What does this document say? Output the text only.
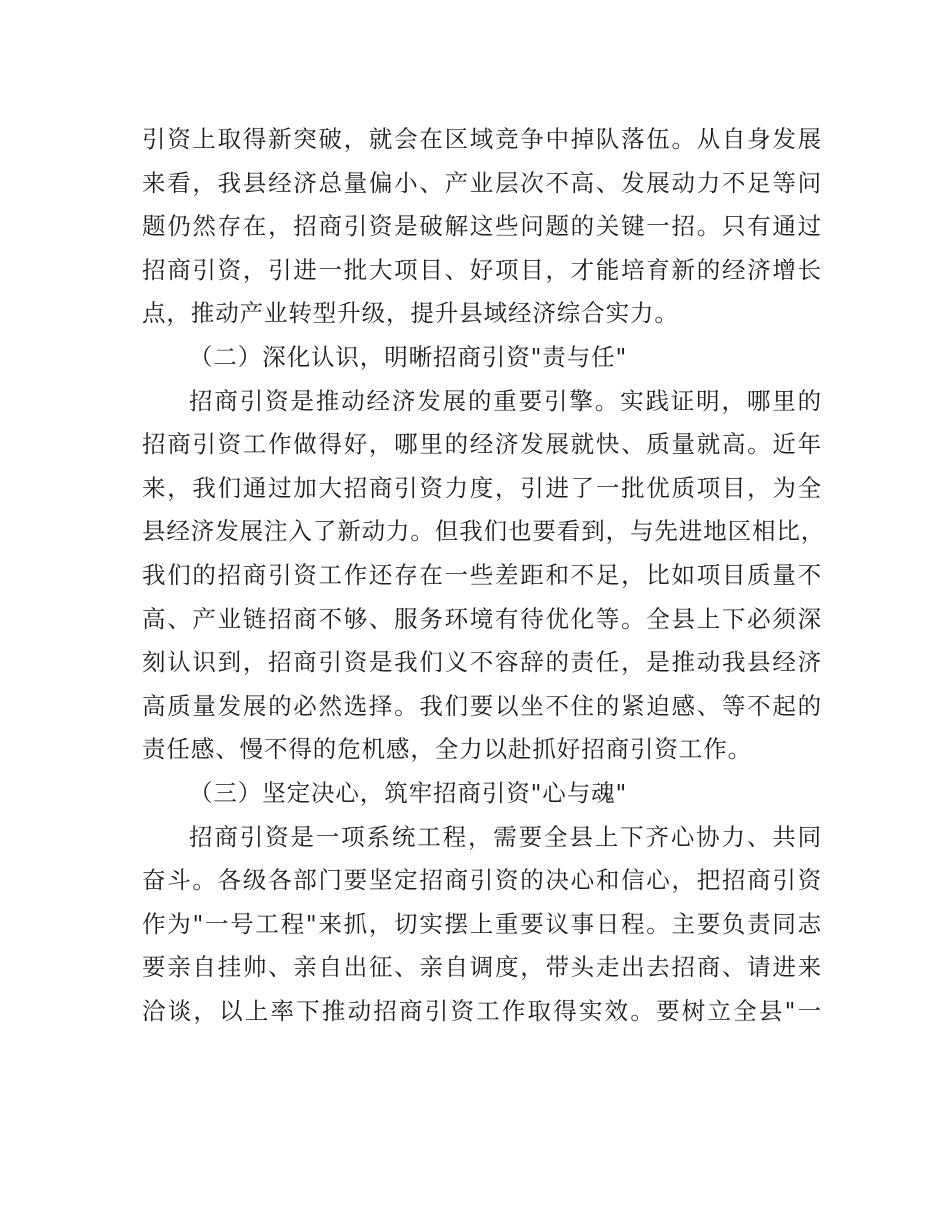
引资上取得新突破，就会在区域竞争中掉队落伍。从自身发展
来看，我县经济总量偏小、产业层次不高、发展动力不足等问
题仍然存在，招商引资是破解这些问题的关键一招。只有通过
招商引资，引进一批大项目、好项目，才能培育新的经济增长
点，推动产业转型升级，提升县域经济综合实力。
（二）深化认识，明晰招商引资"责与任"
招商引资是推动经济发展的重要引擎。实践证明，哪里的
招商引资工作做得好，哪里的经济发展就快、质量就高。近年
来，我们通过加大招商引资力度，引进了一批优质项目，为全
县经济发展注入了新动力。但我们也要看到，与先进地区相比，
我们的招商引资工作还存在一些差距和不足，比如项目质量不
高、产业链招商不够、服务环境有待优化等。全县上下必须深
刻认识到，招商引资是我们义不容辞的责任，是推动我县经济
高质量发展的必然选择。我们要以坐不住的紧迫感、等不起的
责任感、慢不得的危机感，全力以赴抓好招商引资工作。
（三）坚定决心，筑牢招商引资"心与魂"
招商引资是一项系统工程，需要全县上下齐心协力、共同
奋斗。各级各部门要坚定招商引资的决心和信心，把招商引资
作为"一号工程"来抓，切实摆上重要议事日程。主要负责同志
要亲自挂帅、亲自出征、亲自调度，带头走出去招商、请进来
洽谈，以上率下推动招商引资工作取得实效。要树立全县"一
